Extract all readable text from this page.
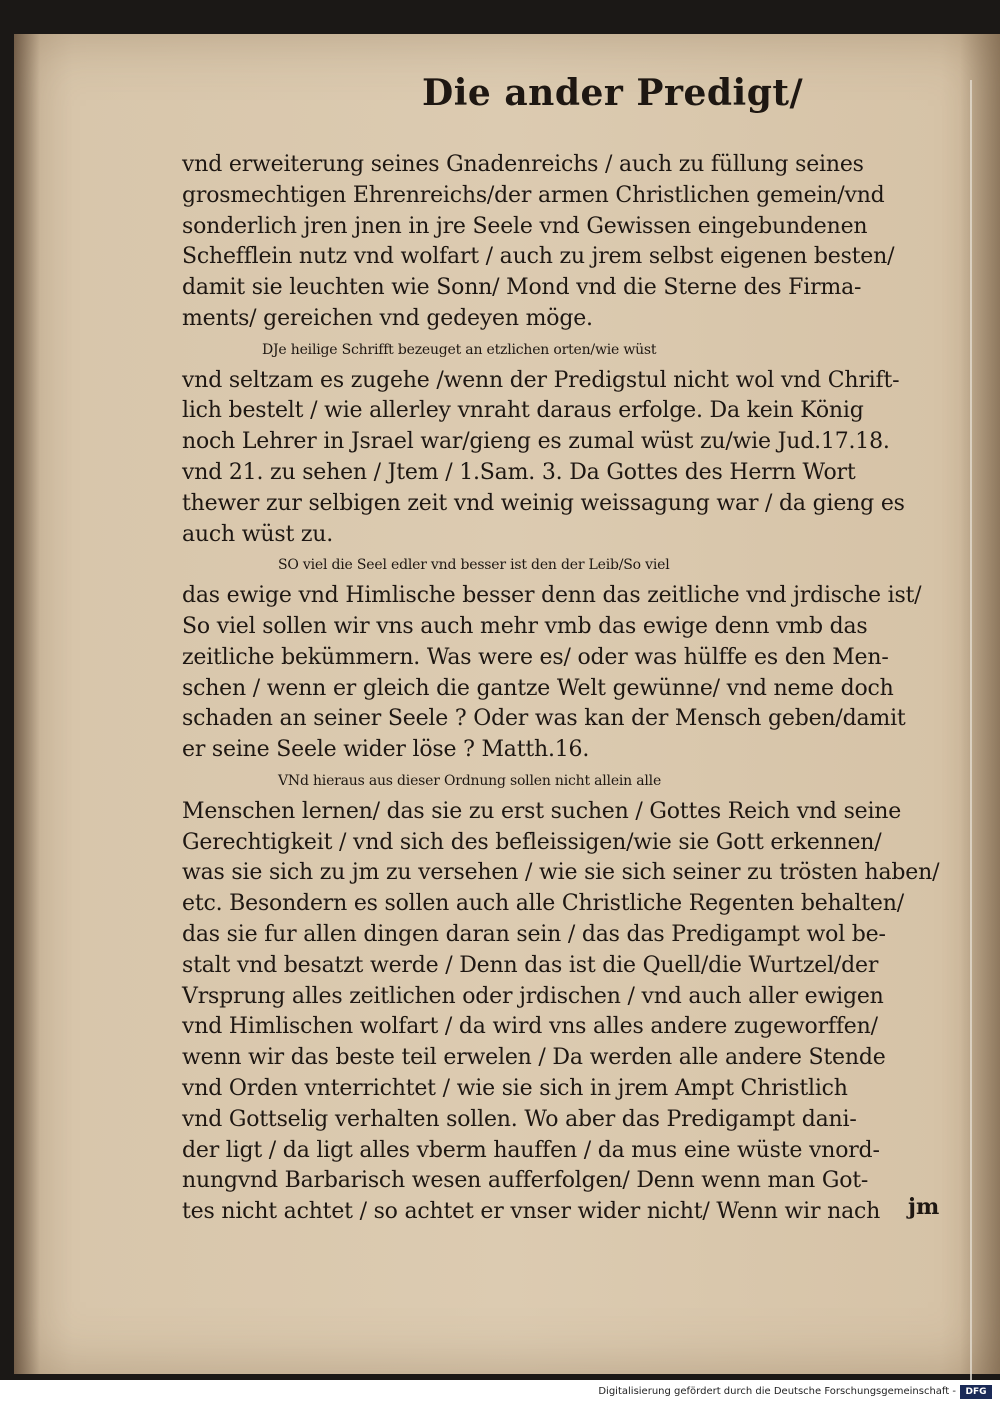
Die ander Predigt/
vnd erweiterung seines Gnadenreichs / auch zu füllung seines
grosmechtigen Ehrenreichs/der armen Christlichen gemein/vnd
sonderlich jren jnen in jre Seele vnd Gewissen eingebundenen
Schefflein nutz vnd wolfart / auch zu jrem selbst eigenen besten/
damit sie leuchten wie Sonn/ Mond vnd die Sterne des Firma-
ments/ gereichen vnd gedeyen möge.
DJe heilige Schrifft bezeuget an etzlichen orten/wie wüst
vnd seltzam es zugehe /wenn der Predigstul nicht wol vnd Chrift-
lich bestelt / wie allerley vnraht daraus erfolge. Da kein König
noch Lehrer in Jsrael war/gieng es zumal wüst zu/wie Jud.17.18.
vnd 21. zu sehen / Jtem / 1.Sam. 3. Da Gottes des Herrn Wort
thewer zur selbigen zeit vnd weinig weissagung war / da gieng es
auch wüst zu.
SO viel die Seel edler vnd besser ist den der Leib/So viel
das ewige vnd Himlische besser denn das zeitliche vnd jrdische ist/
So viel sollen wir vns auch mehr vmb das ewige denn vmb das
zeitliche bekümmern. Was were es/ oder was hülffe es den Men-
schen / wenn er gleich die gantze Welt gewünne/ vnd neme doch
schaden an seiner Seele ? Oder was kan der Mensch geben/damit
er seine Seele wider löse ? Matth.16.
VNd hieraus aus dieser Ordnung sollen nicht allein alle
Menschen lernen/ das sie zu erst suchen / Gottes Reich vnd seine
Gerechtigkeit / vnd sich des befleissigen/wie sie Gott erkennen/
was sie sich zu jm zu versehen / wie sie sich seiner zu trösten haben/
etc. Besondern es sollen auch alle Christliche Regenten behalten/
das sie fur allen dingen daran sein / das das Predigampt wol be-
stalt vnd besatzt werde / Denn das ist die Quell/die Wurtzel/der
Vrsprung alles zeitlichen oder jrdischen / vnd auch aller ewigen
vnd Himlischen wolfart / da wird vns alles andere zugeworffen/
wenn wir das beste teil erwelen / Da werden alle andere Stende
vnd Orden vnterrichtet / wie sie sich in jrem Ampt Christlich
vnd Gottselig verhalten sollen. Wo aber das Predigampt dani-
der ligt / da ligt alles vberm hauffen / da mus eine wüste vnord-
nungvnd Barbarisch wesen aufferfolgen/ Denn wenn man Got-
tes nicht achtet / so achtet er vnser wider nicht/ Wenn wir nach	jm
Digitalisierung gefördert durch die Deutsche Forschungsgemeinschaft -	DFG
